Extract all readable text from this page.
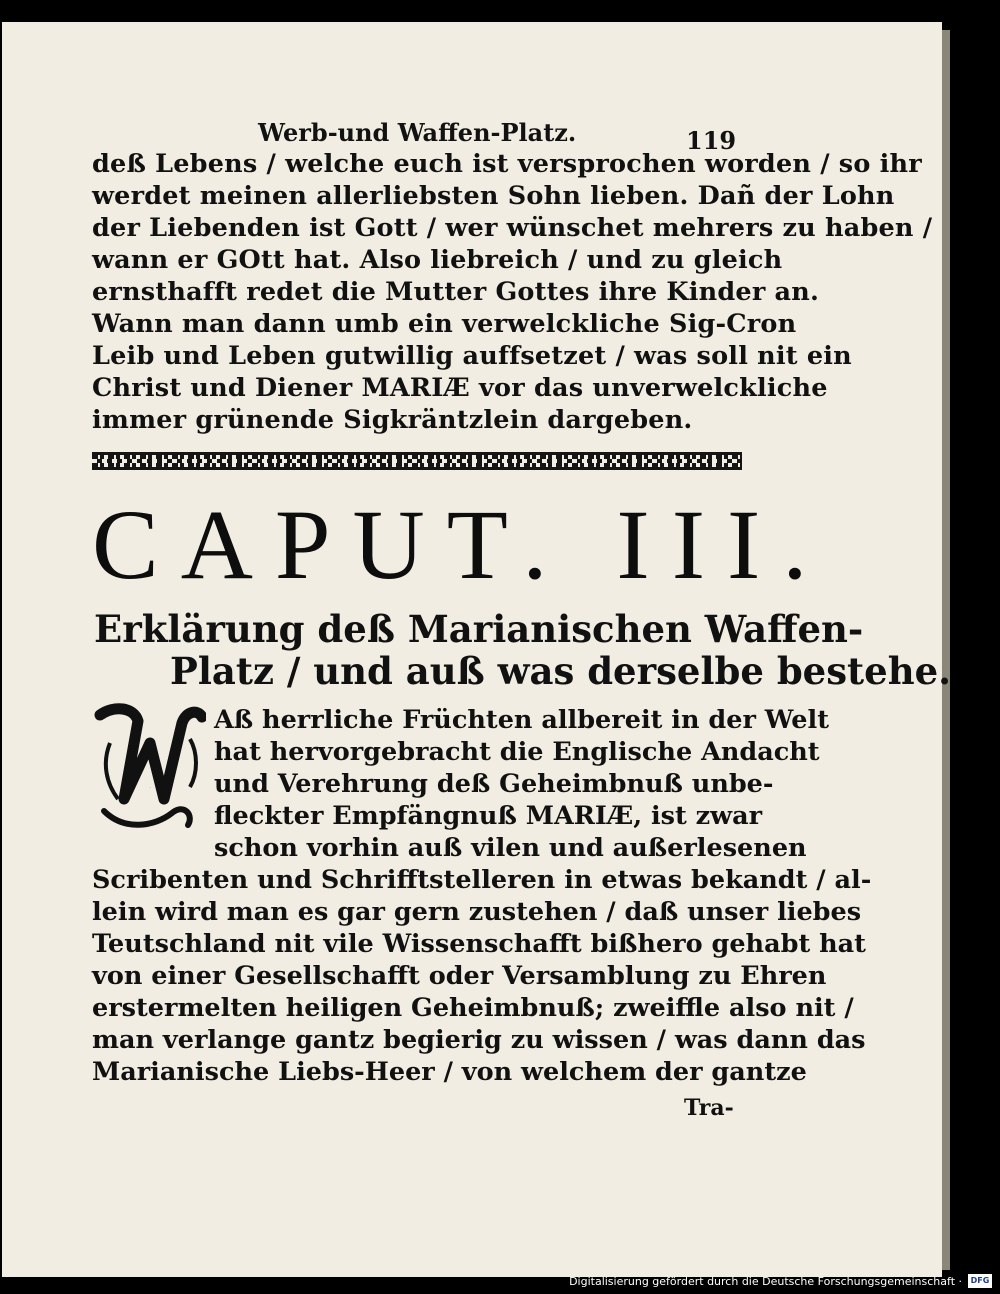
Werb-und Waffen-Platz.	119
deß Lebens / welche euch ist versprochen worden / so ihr
werdet meinen allerliebsten Sohn lieben. Dañ der Lohn
der Liebenden ist Gott / wer wünschet mehrers zu haben /
wann er GOtt hat. Also liebreich / und zu gleich
ernsthafft redet die Mutter Gottes ihre Kinder an.
Wann man dann umb ein verwelckliche Sig-Cron
Leib und Leben gutwillig auffsetzet / was soll nit ein
Christ und Diener MARIÆ vor das unverwelckliche
immer grünende Sigkräntzlein dargeben.
CAPUT. III.
Erklärung deß Marianischen Waffen-
Platz / und auß was derselbe bestehe.
W
Aß herrliche Früchten allbereit in der Welt
hat hervorgebracht die Englische Andacht
und Verehrung deß Geheimbnuß unbe-
fleckter Empfängnuß MARIÆ, ist zwar
schon vorhin auß vilen und außerlesenen
Scribenten und Schrifftstelleren in etwas bekandt / al-
lein wird man es gar gern zustehen / daß unser liebes
Teutschland nit vile Wissenschafft bißhero gehabt hat
von einer Gesellschafft oder Versamblung zu Ehren
erstermelten heiligen Geheimbnuß; zweiffle also nit /
man verlange gantz begierig zu wissen / was dann das
Marianische Liebs-Heer / von welchem der gantze
Tra-
Digitalisierung gefördert durch die Deutsche Forschungsgemeinschaft ·	DFG
